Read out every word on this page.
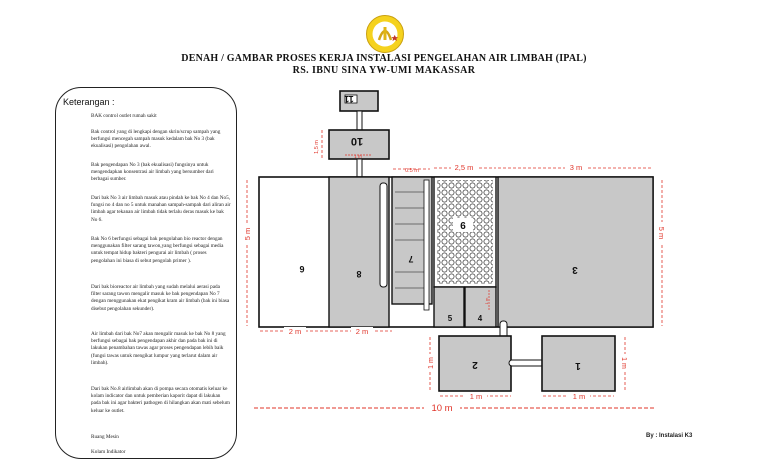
DENAH / GAMBAR PROSES KERJA INSTALASI PENGELAHAN AIR LIMBAH (IPAL)
RS. IBNU SINA YW-UMI MAKASSAR
Keterangan :
BAK control outlet rumah sakit
Bak control yang di lengkapi dengan skrin/scrup sampah yang berfungsi mencegah sampah masuk kedalam bak No 3 (bak ekualisasi) pengolahan awal.
Bak pengendapan No 3 (bak ekualisasi) fungsinya untuk mengendapkan konsentrasi air limbah yang bersumber dari berbagai sumber.
Dari bak No 3 air limbah masuk atau pindah ke bak No 4 dan No5, fungsi no 4 dan no 5 untuk manahan sampah-sampah dari aliran air limbah agar tekanan air limbah tidak terlalu deras masuk ke bak No 6.
Bak No 6 berfungsi sebagai bak pengolahan bio reactor dengan menggunakan filter sarang tawon,yang berfungsi sebagai media untuk tempat hidup bakteri pengurai air limbah ( proses pengolahan ini biasa di sebut pengolah primer ).
Dari bak bioreactor air limbah yang sudah melalui aerasi pada filter sarang tawon mengalir masuk ke bak pengendapan No 7 dengan menggunakan ekat pengikat kram air limbah (bak ini biasa disebut pengolahan sekunder).
Air limbah dari bak No7 akan mengalir masuk ke bak No 8 yang berfungsi sebagai bak pengendapan akhir dan pada bak ini di lakukan penambahan tawas agar proses pengendapan lebih baik (fungsi tawas untuk mengikat lumpur yang terlarut dalam air limbah).
Dari bak No.8 airlimbah akan di pompa secara otomatis keluar ke kolam indicator dan untuk pemberian kaporit dapat di lakukan pada bak ini agar bakteri pathogen di hilangkan akan mati sebelum keluar ke outlet.
Ruang Mesin
Kolam Indikator
11
10
1 m
1,5 m
6	8
7
9
5	4
1 m
3
2	1
0.5 m	2,5 m	3 m
5 m	5 m
2 m	2 m
1 m	1 m
1 m	1 m
10 m
By : Instalasi K3
